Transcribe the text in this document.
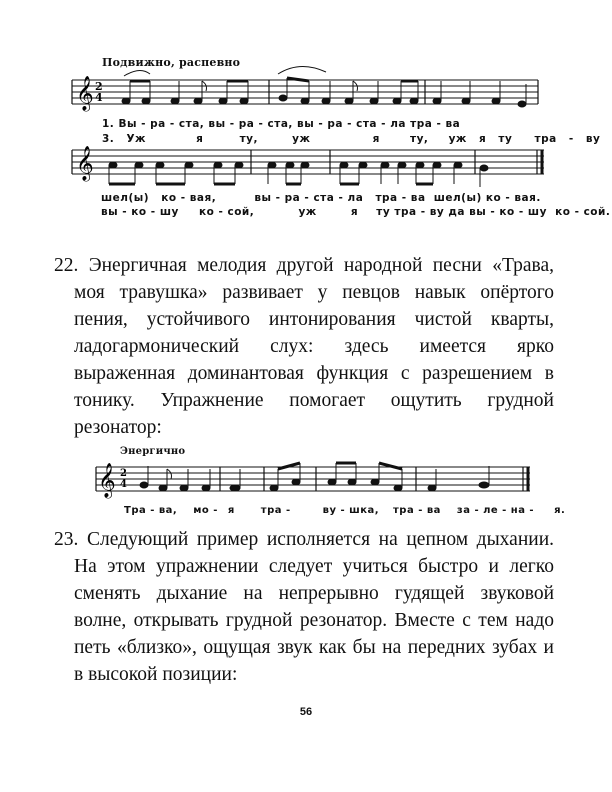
Подвижно, распевно
𝄞 2
4
𝄞
1. Вы - ра - ста, вы - ра - ста, вы - ра - ста - ла тра - ва
3. Уж	я	ту,	уж	я	ту, уж я ту тра - ву
шел(ы) ко - вая,	вы - ра - ста - ла тра - ва шел(ы) ко - вая.
вы - ко - шу ко - сой,	уж	я ту тра - ву да вы - ко - шу ко - сой.
22. Энергичная мелодия другой народной песни «Трава,
моя травушка» развивает у певцов навык опёртого
пения, устойчивого интонирования чистой кварты,
ладогармонический слух: здесь имеется ярко
выраженная доминантовая функция с разрешением в
тонику. Упражнение помогает ощутить грудной
резонатор:
Энергично
𝄞 2
4
Тра - ва, мо - я	тра -	ву - шка, тра - ва за - ле - на - я.
23. Следующий пример исполняется на цепном дыхании.
На этом упражнении следует учиться быстро и легко
сменять дыхание на непрерывно гудящей звуковой
волне, открывать грудной резонатор. Вместе с тем надо
петь «близко», ощущая звук как бы на передних зубах и
в высокой позиции:
56
